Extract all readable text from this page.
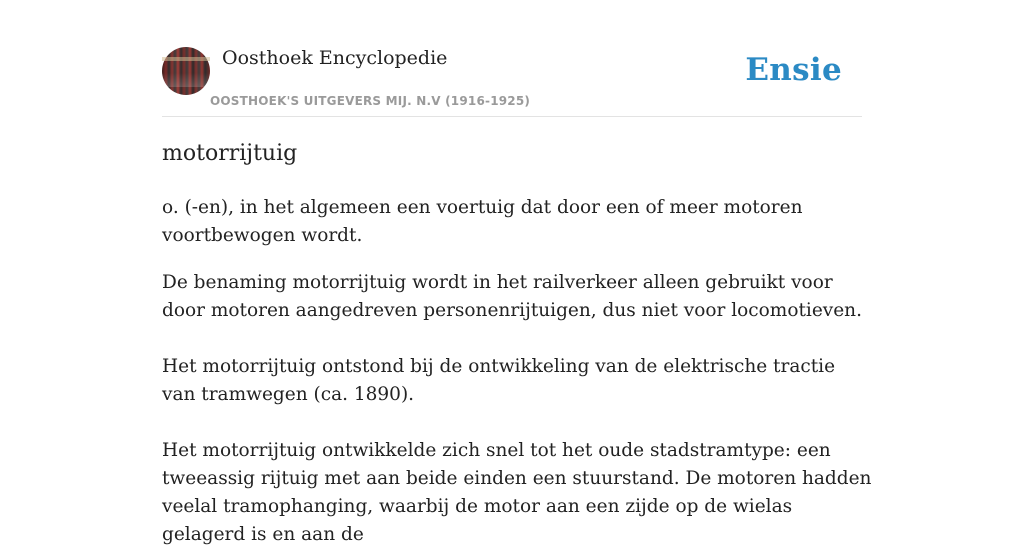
Oosthoek Encyclopedie
OOSTHOEK'S UITGEVERS MIJ. N.V (1916-1925)
Ensie
motorrijtuig

o. (-en), in het algemeen een voertuig dat door een of meer motoren voortbewogen wordt.

De benaming motorrijtuig wordt in het railverkeer alleen gebruikt voor door motoren aangedreven personenrijtuigen, dus niet voor locomotieven.

Het motorrijtuig ontstond bij de ontwikkeling van de elektrische tractie van tramwegen (ca. 1890).

Het motorrijtuig ontwikkelde zich snel tot het oude stadstramtype: een tweeassig rijtuig met aan beide einden een stuurstand. De motoren hadden veelal tramophanging, waarbij de motor aan een zijde op de wielas gelagerd is en aan de
